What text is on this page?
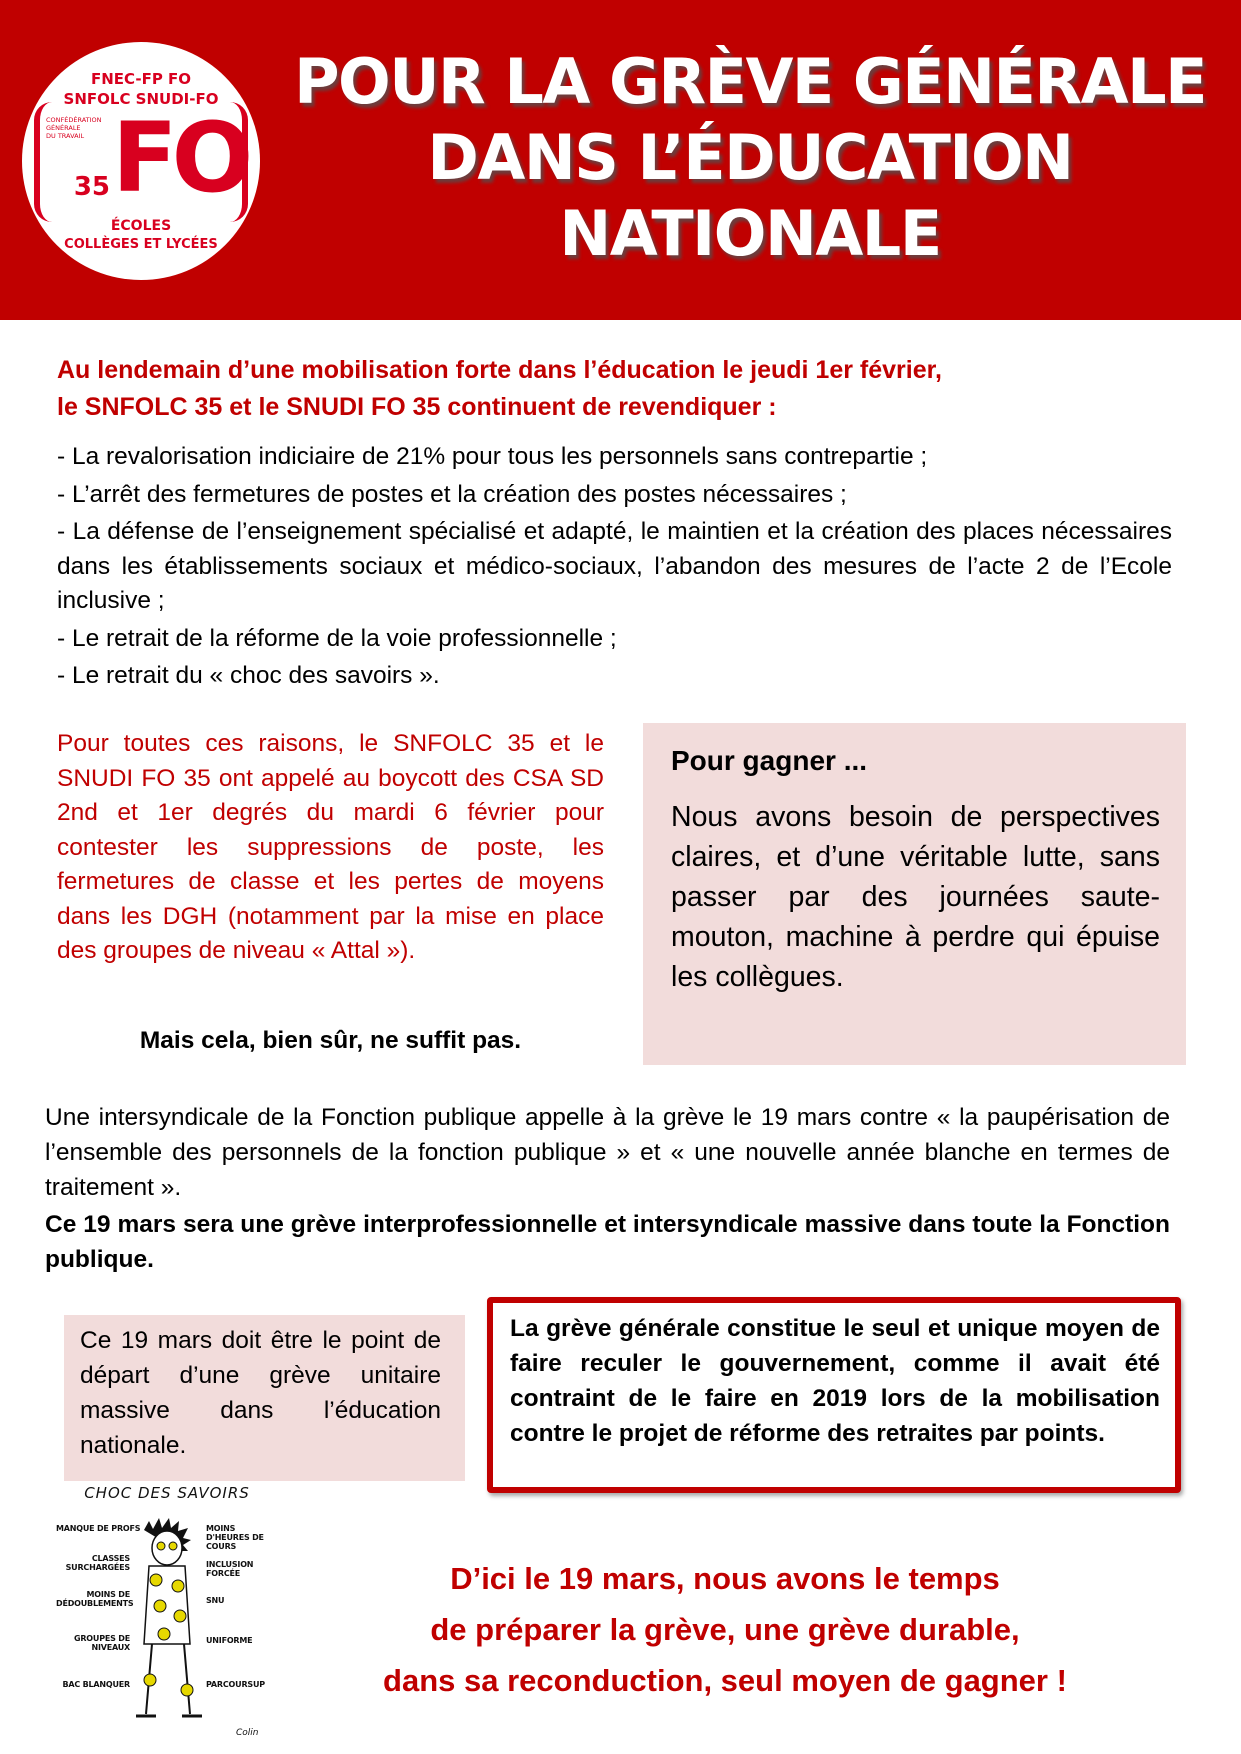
FNEC-FP FO
SNFOLC SNUDI-FO
CONFÉDÉRATION GÉNÉRALE
DU TRAVAIL
35 FO
ÉCOLES
COLLÈGES ET LYCÉES
POUR LA GRÈVE GÉNÉRALE
DANS L’ÉDUCATION
NATIONALE
Au lendemain d’une mobilisation forte dans l’éducation le jeudi 1er février,
le SNFOLC 35 et le SNUDI FO 35 continuent de revendiquer :

- La revalorisation indiciaire de 21% pour tous les personnels sans contrepartie ;

- L’arrêt des fermetures de postes et la création des postes nécessaires ;

- La défense de l’enseignement spécialisé et adapté, le maintien et la création des places nécessaires dans les établissements sociaux et médico-sociaux, l’abandon des mesures de l’acte 2 de l’Ecole inclusive ;

- Le retrait de la réforme de la voie professionnelle ;

- Le retrait du « choc des savoirs ».

Pour toutes ces raisons, le SNFOLC 35 et le SNUDI FO 35 ont appelé au boycott des CSA SD 2nd et 1er degrés du mardi 6 février pour contester les suppressions de poste, les fermetures de classe et les pertes de moyens dans les DGH (notamment par la mise en place des groupes de niveau « Attal »).

Mais cela, bien sûr, ne suffit pas.

Pour gagner ...

Nous avons besoin de perspectives claires, et d’une véritable lutte, sans passer par des journées saute-mouton, machine à perdre qui épuise les collègues.

Une intersyndicale de la Fonction publique appelle à la grève le 19 mars contre « la paupérisation de l’ensemble des personnels de la fonction publique » et « une nouvelle année blanche en termes de traitement ».

Ce 19 mars sera une grève interprofessionnelle et intersyndicale massive dans toute la Fonction publique.

Ce 19 mars doit être le point de départ d’une grève unitaire massive dans l’éducation nationale.

La grève générale constitue le seul et unique moyen de faire reculer le gouvernement, comme il avait été contraint de le faire en 2019 lors de la mobilisation contre le projet de réforme des retraites par points.

CHOC DES SAVOIRS
MANQUE DE PROFS
CLASSES SURCHARGÉES
MOINS DE DÉDOUBLEMENTS
GROUPES DE NIVEAUX
BAC BLANQUER
MOINS D'HEURES DE COURS
INCLUSION FORCÉE
SNU
UNIFORME
PARCOURSUP
Colin
D’ici le 19 mars, nous avons le temps
de préparer la grève, une grève durable,
dans sa reconduction, seul moyen de gagner !
